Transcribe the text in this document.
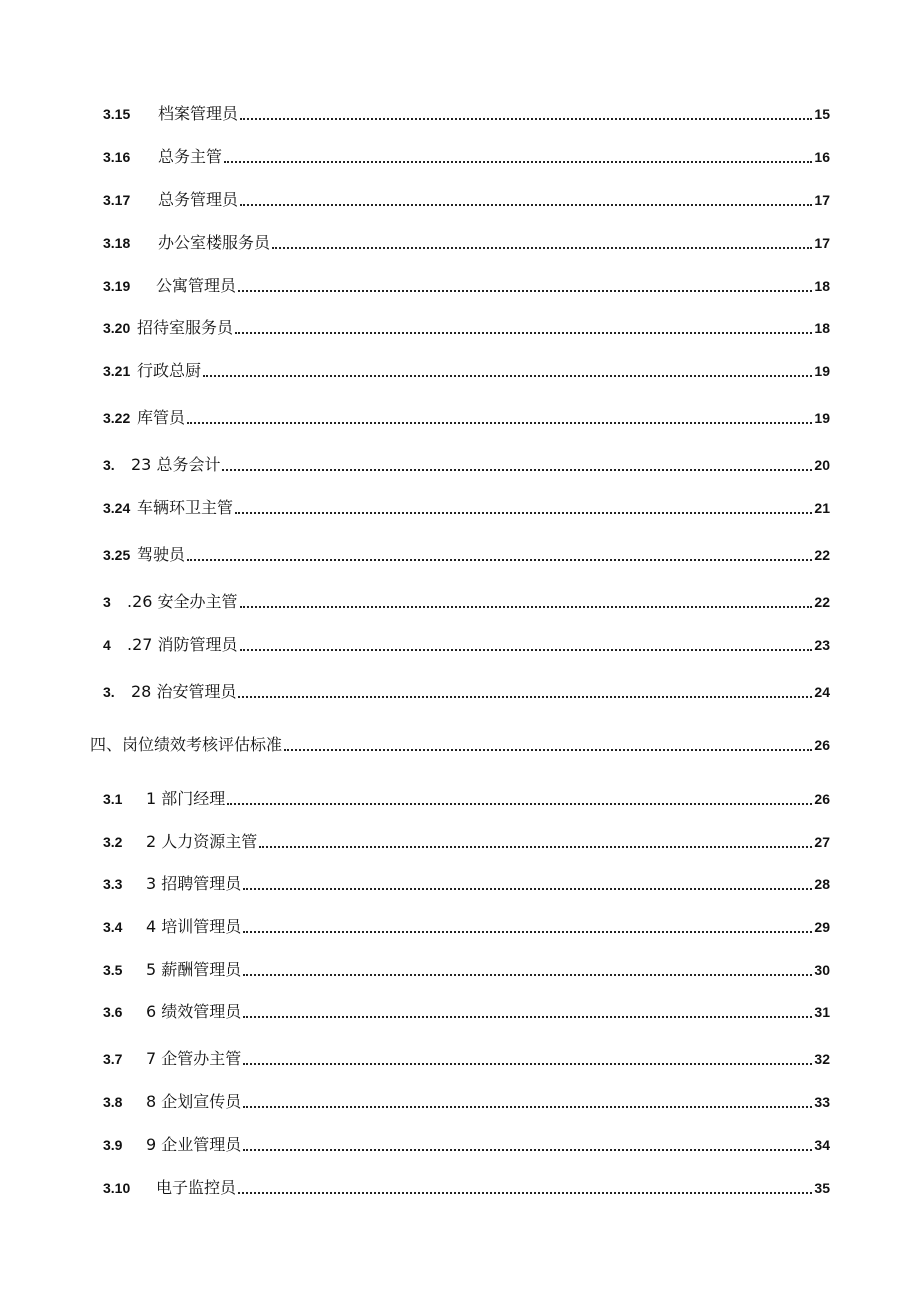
3.15	档案管理员	15
3.16	总务主管	16
3.17	总务管理员	17
3.18	办公室楼服务员	17
3.19	公寓管理员	18
3.20 招待室服务员	18
3.21 行政总厨	19
3.22 库管员	19
3.	23 总务会计	20
3.24 车辆环卫主管	21
3.25 驾驶员	22
3	.26 安全办主管	22
4	.27 消防管理员	23
3.	28 治安管理员	24
四、岗位绩效考核评估标准	26
3.1	1 部门经理	26
3.2	2 人力资源主管	27
3.3	3 招聘管理员	28
3.4	4 培训管理员	29
3.5	5 薪酬管理员	30
3.6	6 绩效管理员	31
3.7	7 企管办主管	32
3.8	8 企划宣传员	33
3.9	9 企业管理员	34
3.10	电子监控员	35
